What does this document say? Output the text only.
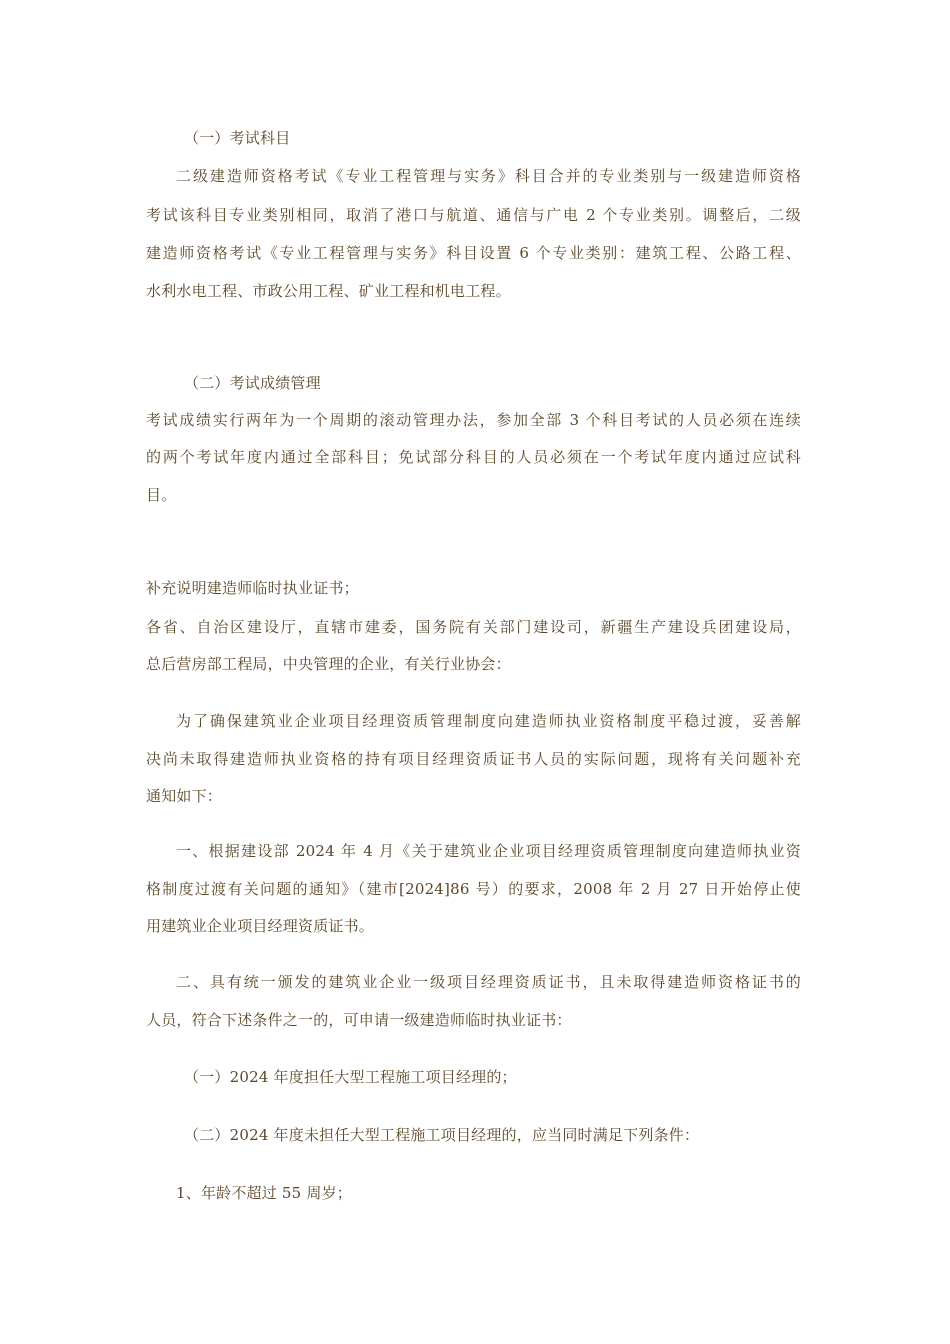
（一）考试科目
二级建造师资格考试《专业工程管理与实务》科目合并的专业类别与一级建造师资格
考试该科目专业类别相同，取消了港口与航道、通信与广电 2 个专业类别。调整后，二级
建造师资格考试《专业工程管理与实务》科目设置 6 个专业类别：建筑工程、公路工程、
水利水电工程、市政公用工程、矿业工程和机电工程。
（二）考试成绩管理
考试成绩实行两年为一个周期的滚动管理办法，参加全部 3 个科目考试的人员必须在连续
的两个考试年度内通过全部科目；免试部分科目的人员必须在一个考试年度内通过应试科
目。
补充说明建造师临时执业证书；
各省、自治区建设厅，直辖市建委，国务院有关部门建设司，新疆生产建设兵团建设局，
总后营房部工程局，中央管理的企业，有关行业协会：
为了确保建筑业企业项目经理资质管理制度向建造师执业资格制度平稳过渡，妥善解
决尚未取得建造师执业资格的持有项目经理资质证书人员的实际问题，现将有关问题补充
通知如下：
一、根据建设部 2024 年 4 月《关于建筑业企业项目经理资质管理制度向建造师执业资
格制度过渡有关问题的通知》（建市[2024]86 号）的要求，2008 年 2 月 27 日开始停止使
用建筑业企业项目经理资质证书。
二、具有统一颁发的建筑业企业一级项目经理资质证书，且未取得建造师资格证书的
人员，符合下述条件之一的，可申请一级建造师临时执业证书：
（一）2024 年度担任大型工程施工项目经理的；
（二）2024 年度未担任大型工程施工项目经理的，应当同时满足下列条件：
1、年龄不超过 55 周岁；
